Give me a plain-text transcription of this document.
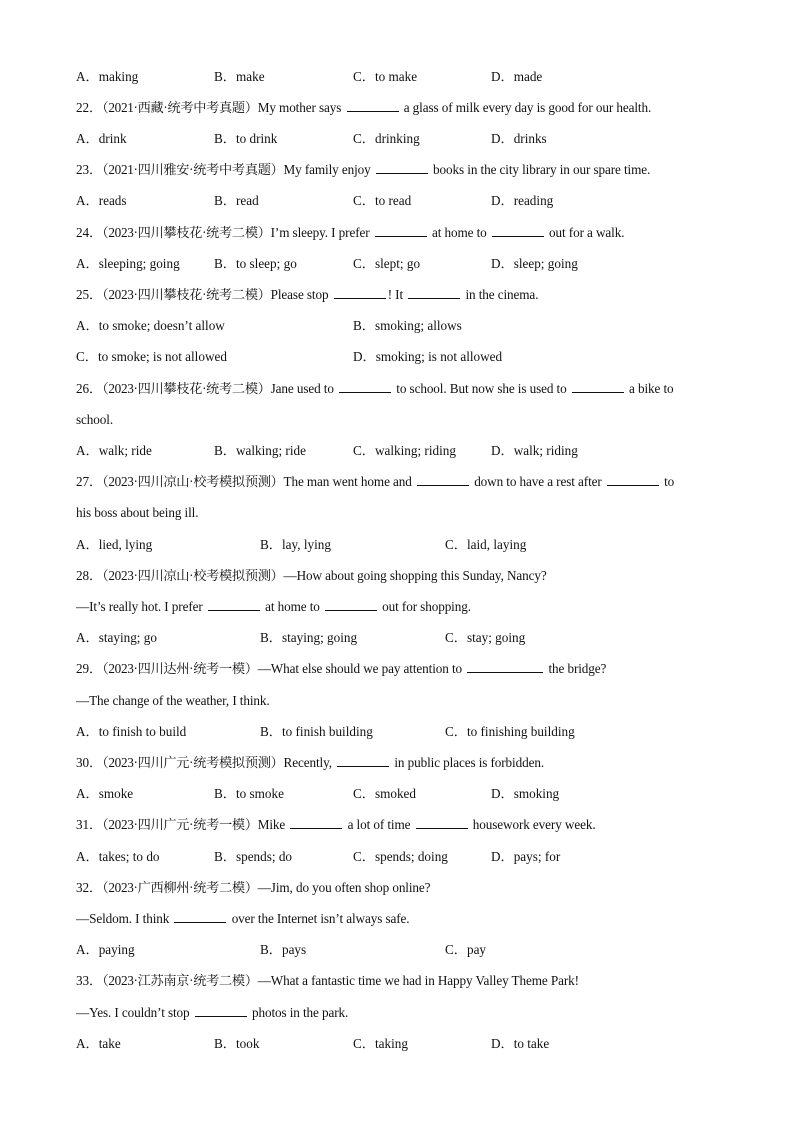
A．making	B．make	C．to make	D．made
22．（2021·西藏·统考中考真题）My mother says	a glass of milk every day is good for our health.
A．drink	B．to drink	C．drinking	D．drinks
23．（2021·四川雅安·统考中考真题）My family enjoy	books in the city library in our spare time.
A．reads	B．read	C．to read	D．reading
24．（2023·四川攀枝花·统考二模）I’m sleepy. I prefer	at home to	out for a walk.
A．sleeping; going	B．to sleep; go	C．slept; go	D．sleep; going
25．（2023·四川攀枝花·统考二模）Please stop	! It	in the cinema.
A．to smoke; doesn’t allow	B．smoking; allows
C．to smoke; is not allowed	D．smoking; is not allowed
26．（2023·四川攀枝花·统考二模）Jane used to	to school. But now she is used to	a bike to
school.
A．walk; ride	B．walking; ride	C．walking; riding	D．walk; riding
27．（2023·四川凉山·校考模拟预测）The man went home and	down to have a rest after	to
his boss about being ill.
A．lied, lying	B．lay, lying	C．laid, laying
28．（2023·四川凉山·校考模拟预测）—How about going shopping this Sunday, Nancy?
—It’s really hot. I prefer	at home to	out for shopping.
A．staying; go	B．staying; going	C．stay; going
29．（2023·四川达州·统考一模）—What else should we pay attention to	the bridge?
—The change of the weather, I think.
A．to finish to build	B．to finish building	C．to finishing building
30．（2023·四川广元·统考模拟预测）Recently,	in public places is forbidden.
A．smoke	B．to smoke	C．smoked	D．smoking
31．（2023·四川广元·统考一模）Mike	a lot of time	housework every week.
A．takes; to do	B．spends; do	C．spends; doing	D．pays; for
32．（2023·广西柳州·统考二模）—Jim, do you often shop online?
—Seldom. I think	over the Internet isn’t always safe.
A．paying	B．pays	C．pay
33．（2023·江苏南京·统考二模）—What a fantastic time we had in Happy Valley Theme Park!
—Yes. I couldn’t stop	photos in the park.
A．take	B．took	C．taking	D．to take
